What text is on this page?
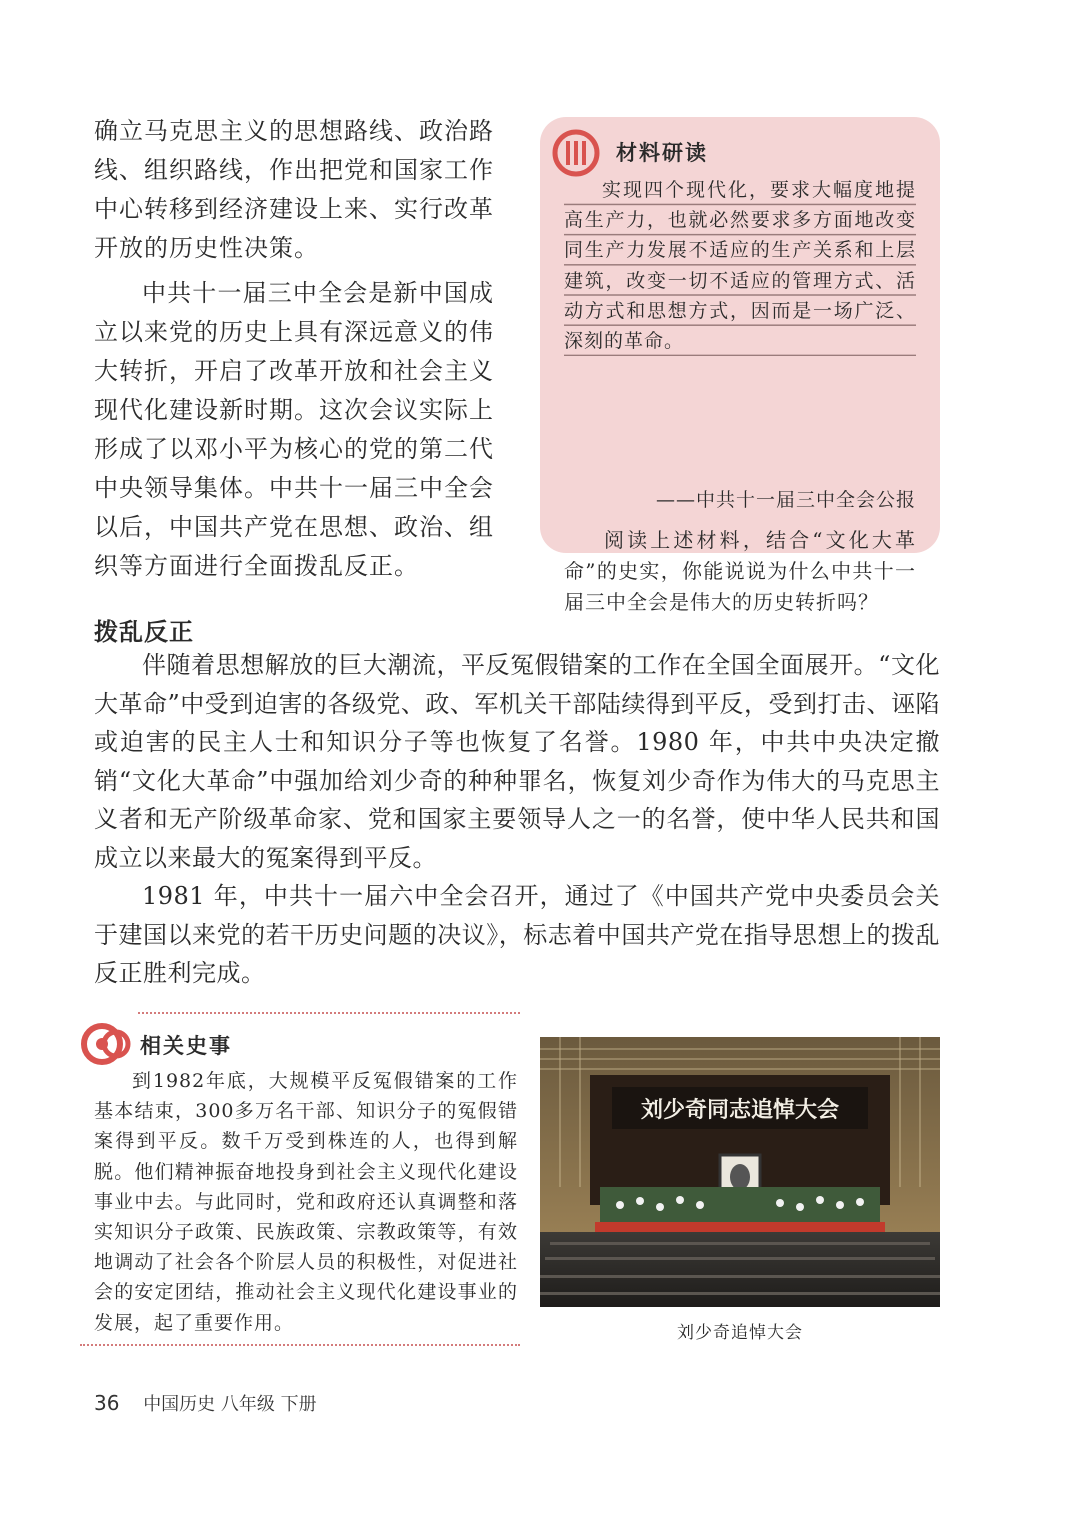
确立马克思主义的思想路线、政治路线、组织路线，作出把党和国家工作中心转移到经济建设上来、实行改革开放的历史性决策。

中共十一届三中全会是新中国成立以来党的历史上具有深远意义的伟大转折，开启了改革开放和社会主义现代化建设新时期。这次会议实际上形成了以邓小平为核心的党的第二代中央领导集体。中共十一届三中全会以后，中国共产党在思想、政治、组织等方面进行全面拨乱反正。

材料研读
实现四个现代化，要求大幅度地提高生产力，也就必然要求多方面地改变同生产力发展不适应的生产关系和上层建筑，改变一切不适应的管理方式、活动方式和思想方式，因而是一场广泛、深刻的革命。
——中共十一届三中全会公报
阅读上述材料，结合“文化大革命”的史实，你能说说为什么中共十一届三中全会是伟大的历史转折吗？
拨乱反正

伴随着思想解放的巨大潮流，平反冤假错案的工作在全国全面展开。“文化大革命”中受到迫害的各级党、政、军机关干部陆续得到平反，受到打击、诬陷或迫害的民主人士和知识分子等也恢复了名誉。1980 年，中共中央决定撤销“文化大革命”中强加给刘少奇的种种罪名，恢复刘少奇作为伟大的马克思主义者和无产阶级革命家、党和国家主要领导人之一的名誉，使中华人民共和国成立以来最大的冤案得到平反。

1981 年，中共十一届六中全会召开，通过了《中国共产党中央委员会关于建国以来党的若干历史问题的决议》，标志着中国共产党在指导思想上的拨乱反正胜利完成。

相关史事
到1982年底，大规模平反冤假错案的工作基本结束，300多万名干部、知识分子的冤假错案得到平反。数千万受到株连的人，也得到解脱。他们精神振奋地投身到社会主义现代化建设事业中去。与此同时，党和政府还认真调整和落实知识分子政策、民族政策、宗教政策等，有效地调动了社会各个阶层人员的积极性，对促进社会的安定团结，推动社会主义现代化建设事业的发展，起了重要作用。
刘少奇同志追悼大会
刘少奇追悼大会
36 中国历史 八年级 下册
